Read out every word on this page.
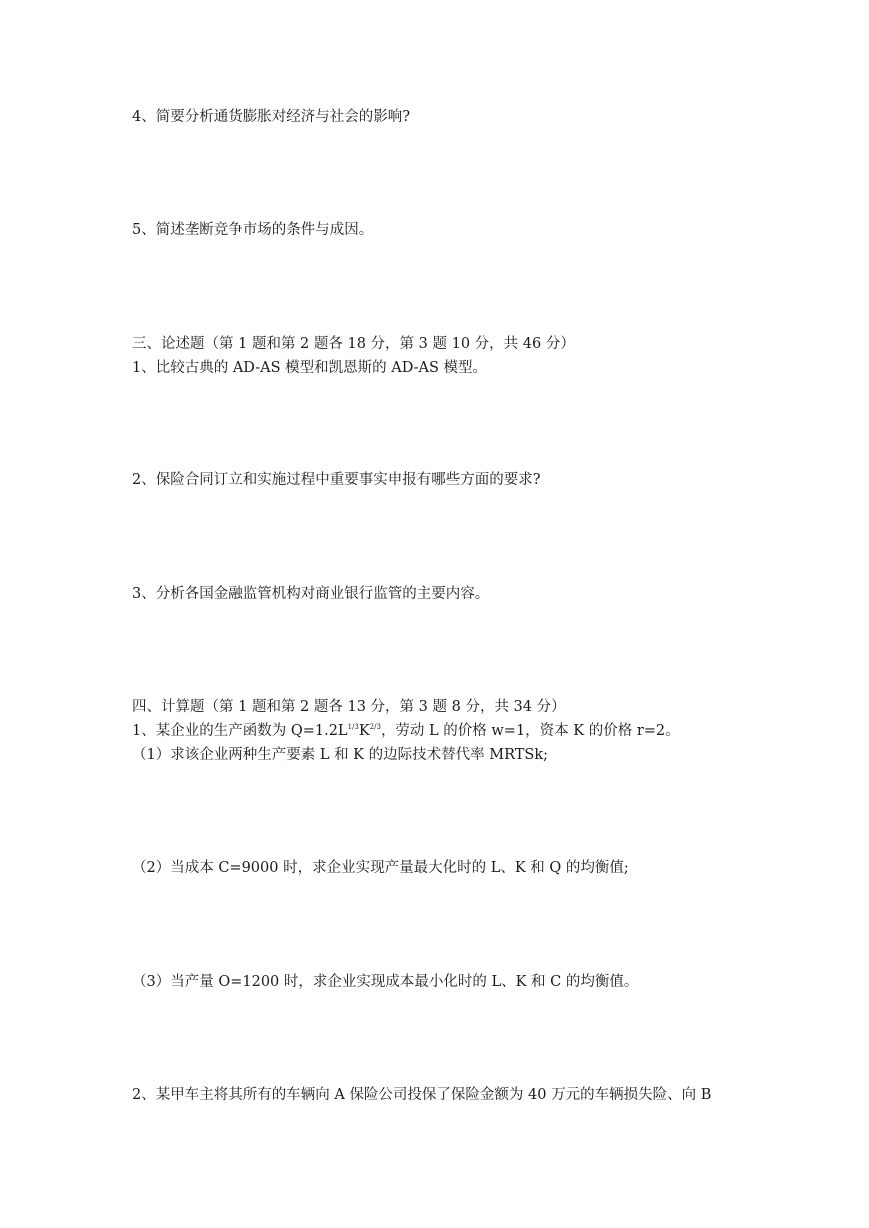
4、简要分析通货膨胀对经济与社会的影响?

5、简述垄断竞争市场的条件与成因。

三、论述题（第 1 题和第 2 题各 18 分，第 3 题 10 分，共 46 分）

1、比较古典的 AD-AS 模型和凯恩斯的 AD-AS 模型。

2、保险合同订立和实施过程中重要事实申报有哪些方面的要求?

3、分析各国金融监管机构对商业银行监管的主要内容。

四、计算题（第 1 题和第 2 题各 13 分，第 3 题 8 分，共 34 分）

1、某企业的生产函数为 $Q=1.2L^{1/3}K^{2/3}$，劳动 L 的价格 w=1，资本 K 的价格 r=2。

（1）求该企业两种生产要素 L 和 K 的边际技术替代率 MRTSk;

（2）当成本 C=9000 时，求企业实现产量最大化时的 L、K 和 Q 的均衡值;

（3）当产量 O=1200 时，求企业实现成本最小化时的 L、K 和 C 的均衡值。

2、某甲车主将其所有的车辆向 A 保险公司投保了保险金额为 40 万元的车辆损失险、向 B
